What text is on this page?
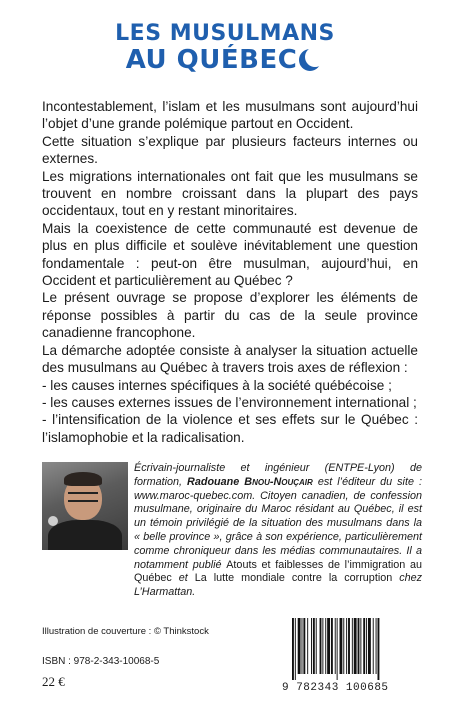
LES MUSULMANS
AU QUÉBEC

Incontestablement, l’islam et les musulmans sont aujourd’hui l’objet d’une grande polémique partout en Occident.

Cette situation s’explique par plusieurs facteurs internes ou externes.

Les migrations internationales ont fait que les musulmans se trouvent en nombre croissant dans la plupart des pays occidentaux, tout en y restant minoritaires.

Mais la coexistence de cette communauté est devenue de plus en plus difficile et soulève inévitablement une question fondamentale : peut-on être musulman, aujourd’hui, en Occident et particulièrement au Québec ?

Le présent ouvrage se propose d’explorer les éléments de réponse possibles à partir du cas de la seule province canadienne francophone.

La démarche adoptée consiste à analyser la situation actuelle des musulmans au Québec à travers trois axes de réflexion :

- les causes internes spécifiques à la société québécoise ;

- les causes externes issues de l’environnement international ;

- l’intensification de la violence et ses effets sur le Québec : l’islamophobie et la radicalisation.

Écrivain-journaliste et ingénieur (ENTPE-Lyon) de formation, Radouane Bnou-Nouçair est l’éditeur du site : www.maroc-quebec.com. Citoyen canadien, de confession musulmane, originaire du Maroc résidant au Québec, il est un témoin privilégié de la situation des musulmans dans la « belle province », grâce à son expérience, particulièrement comme chroniqueur dans les médias communautaires. Il a notamment publié Atouts et faiblesses de l’immigration au Québec et La lutte mondiale contre la corruption chez L’Harmattan.
Illustration de couverture : © Thinkstock
ISBN : 978-2-343-10068-5
22 €	9 782343 100685
